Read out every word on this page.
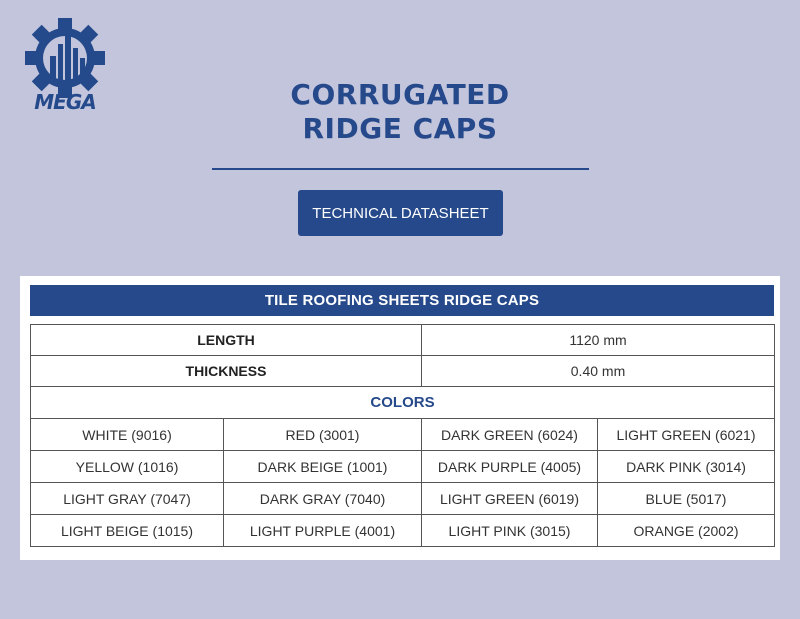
MEGA	CORRUGATED
RIDGE CAPS
TECHNICAL DATASHEET
TILE ROOFING SHEETS RIDGE CAPS
LENGTH		1120 mm	
THICKNESS		0.40 mm	
COLORS			
WHITE (9016)	RED (3001)	DARK GREEN (6024)	LIGHT GREEN (6021)
YELLOW (1016)	DARK BEIGE (1001)	DARK PURPLE (4005)	DARK PINK (3014)
LIGHT GRAY (7047)	DARK GRAY (7040)	LIGHT GREEN (6019)	BLUE (5017)
LIGHT BEIGE (1015)	LIGHT PURPLE (4001)	LIGHT PINK (3015)	ORANGE (2002)
